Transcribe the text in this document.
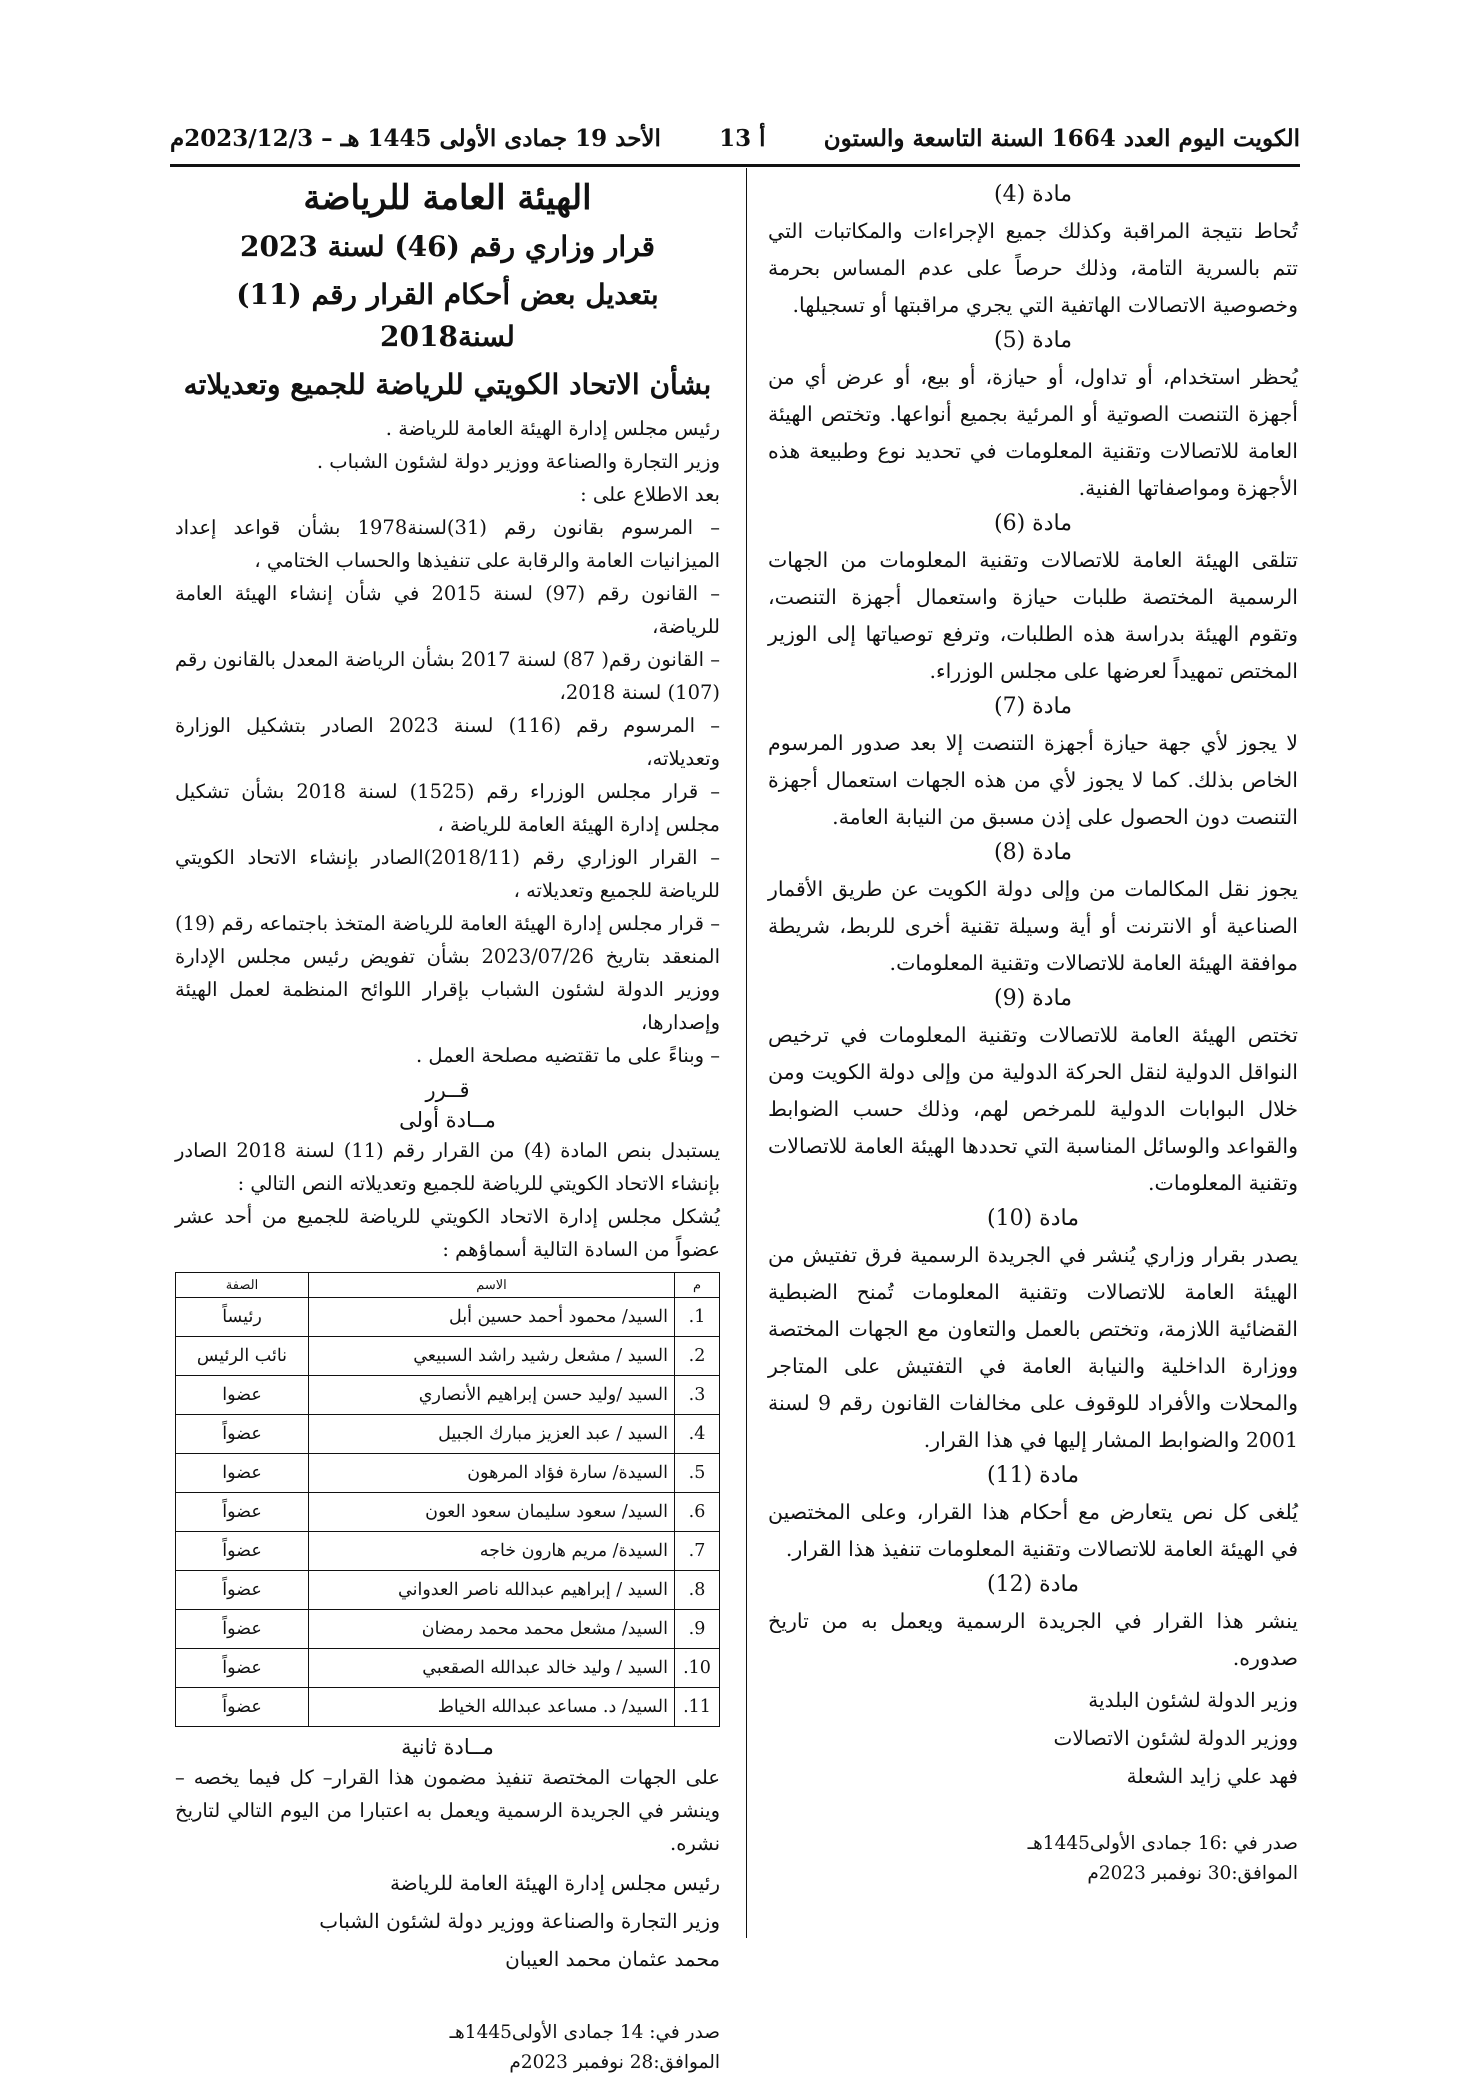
الكويت اليوم العدد 1664 السنة التاسعة والستون
أ 13
الأحد 19 جمادى الأولى 1445 هـ – 2023/12/3م
مادة (4)

تُحاط نتيجة المراقبة وكذلك جميع الإجراءات والمكاتبات التي تتم بالسرية التامة، وذلك حرصاً على عدم المساس بحرمة وخصوصية الاتصالات الهاتفية التي يجري مراقبتها أو تسجيلها.

مادة (5)

يُحظر استخدام، أو تداول، أو حيازة، أو بيع، أو عرض أي من أجهزة التنصت الصوتية أو المرئية بجميع أنواعها. وتختص الهيئة العامة للاتصالات وتقنية المعلومات في تحديد نوع وطبيعة هذه الأجهزة ومواصفاتها الفنية.

مادة (6)

تتلقى الهيئة العامة للاتصالات وتقنية المعلومات من الجهات الرسمية المختصة طلبات حيازة واستعمال أجهزة التنصت، وتقوم الهيئة بدراسة هذه الطلبات، وترفع توصياتها إلى الوزير المختص تمهيداً لعرضها على مجلس الوزراء.

مادة (7)

لا يجوز لأي جهة حيازة أجهزة التنصت إلا بعد صدور المرسوم الخاص بذلك. كما لا يجوز لأي من هذه الجهات استعمال أجهزة التنصت دون الحصول على إذن مسبق من النيابة العامة.

مادة (8)

يجوز نقل المكالمات من وإلى دولة الكويت عن طريق الأقمار الصناعية أو الانترنت أو أية وسيلة تقنية أخرى للربط، شريطة موافقة الهيئة العامة للاتصالات وتقنية المعلومات.

مادة (9)

تختص الهيئة العامة للاتصالات وتقنية المعلومات في ترخيص النواقل الدولية لنقل الحركة الدولية من وإلى دولة الكويت ومن خلال البوابات الدولية للمرخص لهم، وذلك حسب الضوابط والقواعد والوسائل المناسبة التي تحددها الهيئة العامة للاتصالات وتقنية المعلومات.

مادة (10)

يصدر بقرار وزاري يُنشر في الجريدة الرسمية فرق تفتيش من الهيئة العامة للاتصالات وتقنية المعلومات تُمنح الضبطية القضائية اللازمة، وتختص بالعمل والتعاون مع الجهات المختصة ووزارة الداخلية والنيابة العامة في التفتيش على المتاجر والمحلات والأفراد للوقوف على مخالفات القانون رقم 9 لسنة 2001 والضوابط المشار إليها في هذا القرار.

مادة (11)

يُلغى كل نص يتعارض مع أحكام هذا القرار، وعلى المختصين في الهيئة العامة للاتصالات وتقنية المعلومات تنفيذ هذا القرار.

مادة (12)

ينشر هذا القرار في الجريدة الرسمية ويعمل به من تاريخ صدوره.

وزير الدولة لشئون البلدية

ووزير الدولة لشئون الاتصالات

فهد علي زايد الشعلة

صدر في :16 جمادى الأولى1445هـ
الموافق:30 نوفمبر 2023م
الهيئة العامة للرياضة
قرار وزاري رقم (46) لسنة 2023
بتعديل بعض أحكام القرار رقم (11) لسنة2018
بشأن الاتحاد الكويتي للرياضة للجميع وتعديلاته

رئيس مجلس إدارة الهيئة العامة للرياضة .

وزير التجارة والصناعة ووزير دولة لشئون الشباب .

بعد الاطلاع على :

– المرسوم بقانون رقم (31)لسنة1978 بشأن قواعد إعداد الميزانيات العامة والرقابة على تنفيذها والحساب الختامي ،

– القانون رقم (97) لسنة 2015 في شأن إنشاء الهيئة العامة للرياضة،

– القانون رقم( 87) لسنة 2017 بشأن الرياضة المعدل بالقانون رقم (107) لسنة 2018،

– المرسوم رقم (116) لسنة 2023 الصادر بتشكيل الوزارة وتعديلاته،

– قرار مجلس الوزراء رقم (1525) لسنة 2018 بشأن تشكيل مجلس إدارة الهيئة العامة للرياضة ،

– القرار الوزاري رقم (2018/11)الصادر بإنشاء الاتحاد الكويتي للرياضة للجميع وتعديلاته ،

– قرار مجلس إدارة الهيئة العامة للرياضة المتخذ باجتماعه رقم (19) المنعقد بتاريخ 2023/07/26 بشأن تفويض رئيس مجلس الإدارة ووزير الدولة لشئون الشباب بإقرار اللوائح المنظمة لعمل الهيئة وإصدارها،

– وبناءً على ما تقتضيه مصلحة العمل .

قــرر
مــادة أولى

يستبدل بنص المادة (4) من القرار رقم (11) لسنة 2018 الصادر بإنشاء الاتحاد الكويتي للرياضة للجميع وتعديلاته النص التالي :

يُشكل مجلس إدارة الاتحاد الكويتي للرياضة للجميع من أحد عشر عضواً من السادة التالية أسماؤهم :

م	الاسم	الصفة
1.	السيد/ محمود أحمد حسين أبل	رئيساً
2.	السيد / مشعل رشيد راشد السبيعي	نائب الرئيس
3.	السيد /وليد حسن إبراهيم الأنصاري	عضوا
4.	السيد / عبد العزيز مبارك الجبيل	عضواً
5.	السيدة/ سارة فؤاد المرهون	عضوا
6.	السيد/ سعود سليمان سعود العون	عضواً
7.	السيدة/ مريم هارون خاجه	عضواً
8.	السيد / إبراهيم عبدالله ناصر العدواني	عضواً
9.	السيد/ مشعل محمد محمد رمضان	عضواً
10.	السيد / وليد خالد عبدالله الصقعبي	عضواً
11.	السيد/ د. مساعد عبدالله الخياط	عضواً
مــادة ثانية

على الجهات المختصة تنفيذ مضمون هذا القرار– كل فيما يخصه – وينشر في الجريدة الرسمية ويعمل به اعتبارا من اليوم التالي لتاريخ نشره.

رئيس مجلس إدارة الهيئة العامة للرياضة

وزير التجارة والصناعة ووزير دولة لشئون الشباب

محمد عثمان محمد العيبان

صدر في: 14 جمادى الأولى1445هـ
الموافق:28 نوفمبر 2023م
